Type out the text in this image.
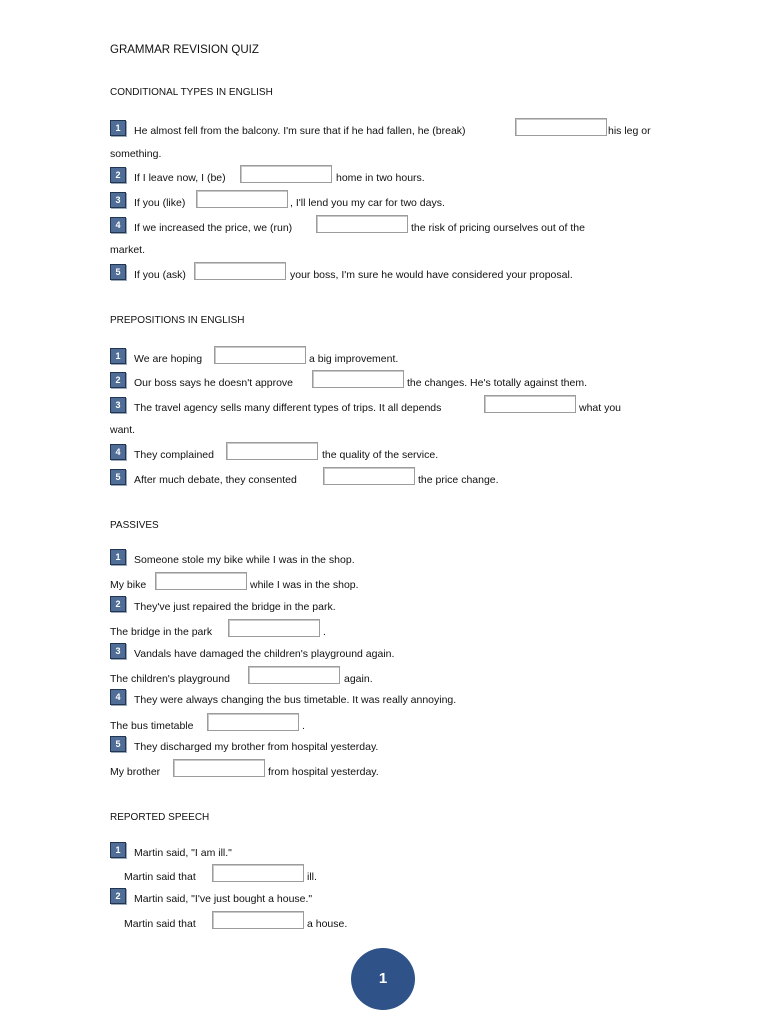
GRAMMAR REVISION QUIZ
CONDITIONAL TYPES IN ENGLISH
1	He almost fell from the balcony. I'm sure that if he had fallen, he (break)	his leg or
something.
2	If I leave now, I (be)	home in two hours.
3	If you (like)	, I'll lend you my car for two days.
4	If we increased the price, we (run)	the risk of pricing ourselves out of the
market.
5	If you (ask)	your boss, I'm sure he would have considered your proposal.
PREPOSITIONS IN ENGLISH
1	We are hoping	a big improvement.
2	Our boss says he doesn't approve	the changes. He's totally against them.
3	The travel agency sells many different types of trips. It all depends	what you
want.
4	They complained	the quality of the service.
5	After much debate, they consented	the price change.
PASSIVES
1	Someone stole my bike while I was in the shop.
My bike	while I was in the shop.
2	They've just repaired the bridge in the park.
The bridge in the park	.
3	Vandals have damaged the children's playground again.
The children's playground	again.
4	They were always changing the bus timetable. It was really annoying.
The bus timetable	.
5	They discharged my brother from hospital yesterday.
My brother	from hospital yesterday.
REPORTED SPEECH
1	Martin said, "I am ill."
Martin said that	ill.
2	Martin said, "I've just bought a house."
Martin said that	a house.
1
